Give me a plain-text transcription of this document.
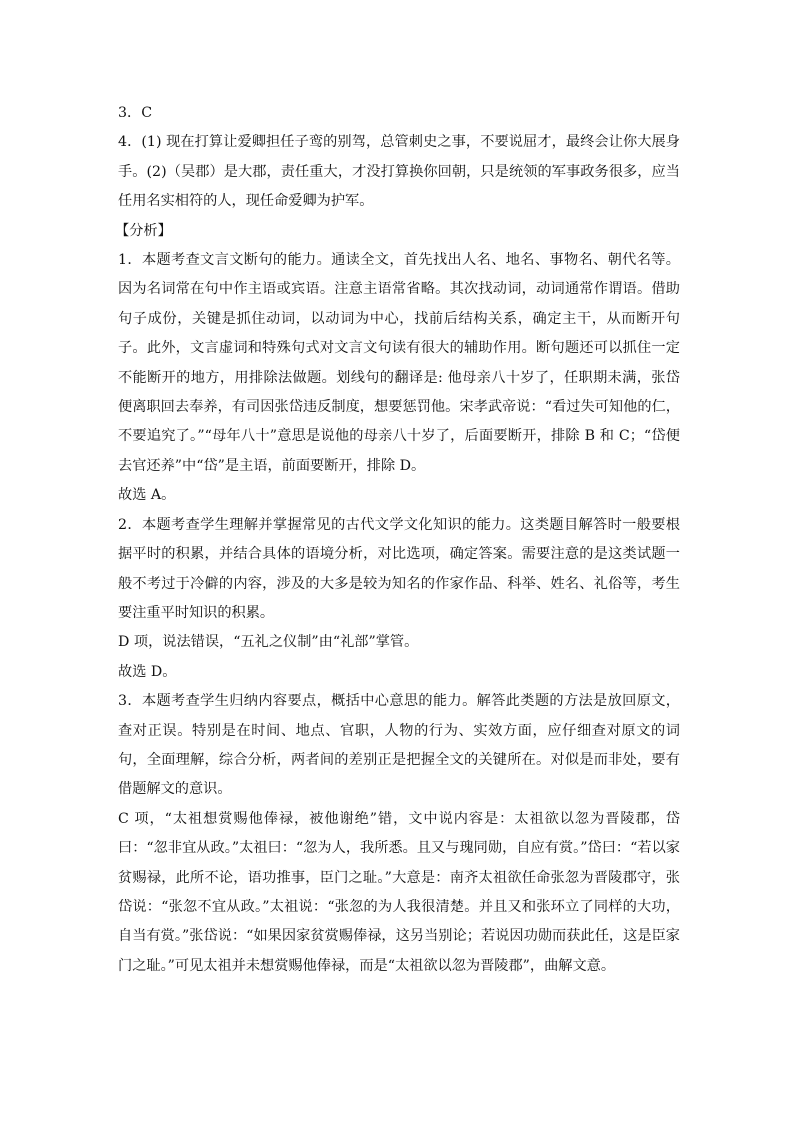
3．C

4．(1) 现在打算让爱卿担任子鸾的别驾，总管刺史之事，不要说屈才，最终会让你大展身手。(2)（吴郡）是大郡，责任重大，才没打算换你回朝，只是统领的军事政务很多，应当任用名实相符的人，现任命爱卿为护军。

【分析】

1．本题考查文言文断句的能力。通读全文，首先找出人名、地名、事物名、朝代名等。因为名词常在句中作主语或宾语。注意主语常省略。其次找动词，动词通常作谓语。借助句子成份，关键是抓住动词，以动词为中心，找前后结构关系，确定主干，从而断开句子。此外，文言虚词和特殊句式对文言文句读有很大的辅助作用。断句题还可以抓住一定不能断开的地方，用排除法做题。划线句的翻译是: 他母亲八十岁了，任职期未满，张岱便离职回去奉养，有司因张岱违反制度，想要惩罚他。宋孝武帝说：“看过失可知他的仁，不要追究了。”“母年八十”意思是说他的母亲八十岁了，后面要断开，排除 B 和 C；“岱便去官还养”中“岱”是主语，前面要断开，排除 D。

故选 A。

2．本题考查学生理解并掌握常见的古代文学文化知识的能力。这类题目解答时一般要根据平时的积累，并结合具体的语境分析，对比选项，确定答案。需要注意的是这类试题一般不考过于冷僻的内容，涉及的大多是较为知名的作家作品、科举、姓名、礼俗等，考生要注重平时知识的积累。

D 项，说法错误，“五礼之仪制”由“礼部”掌管。

故选 D。

3．本题考查学生归纳内容要点，概括中心意思的能力。解答此类题的方法是放回原文，查对正误。特别是在时间、地点、官职，人物的行为、实效方面，应仔细查对原文的词句，全面理解，综合分析，两者间的差别正是把握全文的关键所在。对似是而非处，要有借题解文的意识。

C 项，“太祖想赏赐他俸禄，被他谢绝”错，文中说内容是：太祖欲以忽为晋陵郡，岱曰：“忽非宜从政。”太祖曰：“忽为人，我所悉。且又与瑰同勋，自应有赏。”岱曰：“若以家贫赐禄，此所不论，语功推事，臣门之耻。”大意是：南齐太祖欲任命张忽为晋陵郡守，张岱说：“张忽不宜从政。”太祖说：“张忽的为人我很清楚。并且又和张环立了同样的大功，自当有赏。”张岱说：“如果因家贫赏赐俸禄，这另当别论；若说因功勋而获此任，这是臣家门之耻。”可见太祖并未想赏赐他俸禄，而是“太祖欲以忽为晋陵郡”，曲解文意。
